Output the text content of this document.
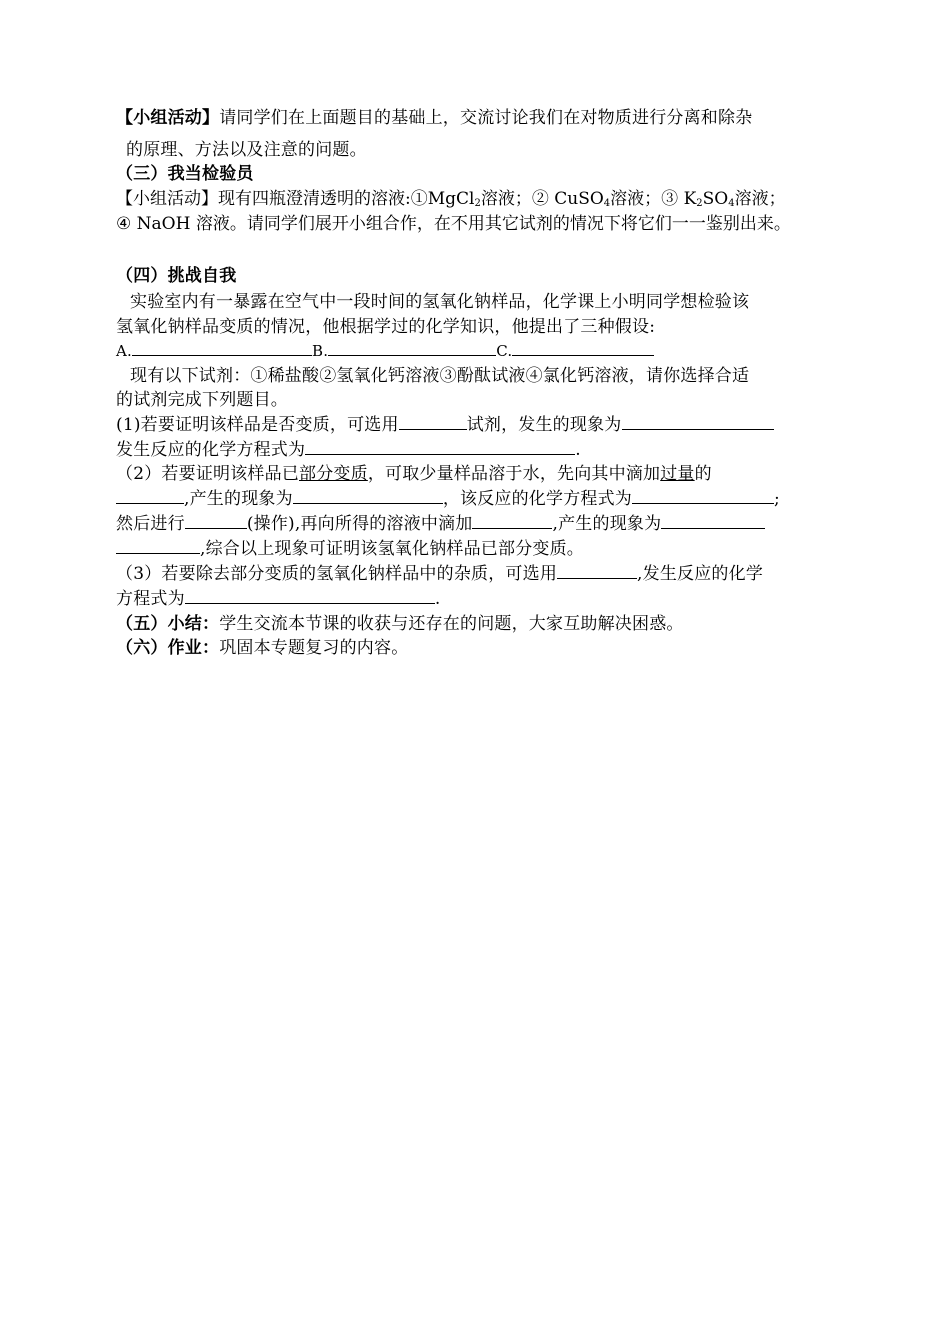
【小组活动】请同学们在上面题目的基础上，交流讨论我们在对物质进行分离和除杂
的原理、方法以及注意的问题。
（三）我当检验员
【小组活动】现有四瓶澄清透明的溶液:①MgCl$_2$溶液；② CuSO$_4$溶液；③ $K_2SO_4$溶液；
④ NaOH 溶液。请同学们展开小组合作，在不用其它试剂的情况下将它们一一鉴别出来。
（四）挑战自我
实验室内有一暴露在空气中一段时间的氢氧化钠样品，化学课上小明同学想检验该
氢氧化钠样品变质的情况，他根据学过的化学知识，他提出了三种假设:
A.	B.	C.
现有以下试剂：①稀盐酸②氢氧化钙溶液③酚酞试液④氯化钙溶液，请你选择合适
的试剂完成下列题目。
(1)若要证明该样品是否变质，可选用	试剂，发生的现象为
发生反应的化学方程式为	.
（2）若要证明该样品已部分变质，可取少量样品溶于水，先向其中滴加过量的
,产生的现象为	，该反应的化学方程式为	;
然后进行	(操作),再向所得的溶液中滴加	,产生的现象为
,综合以上现象可证明该氢氧化钠样品已部分变质。
（3）若要除去部分变质的氢氧化钠样品中的杂质，可选用	,发生反应的化学
方程式为	.
（五）小结：学生交流本节课的收获与还存在的问题，大家互助解决困惑。
（六）作业：巩固本专题复习的内容。
